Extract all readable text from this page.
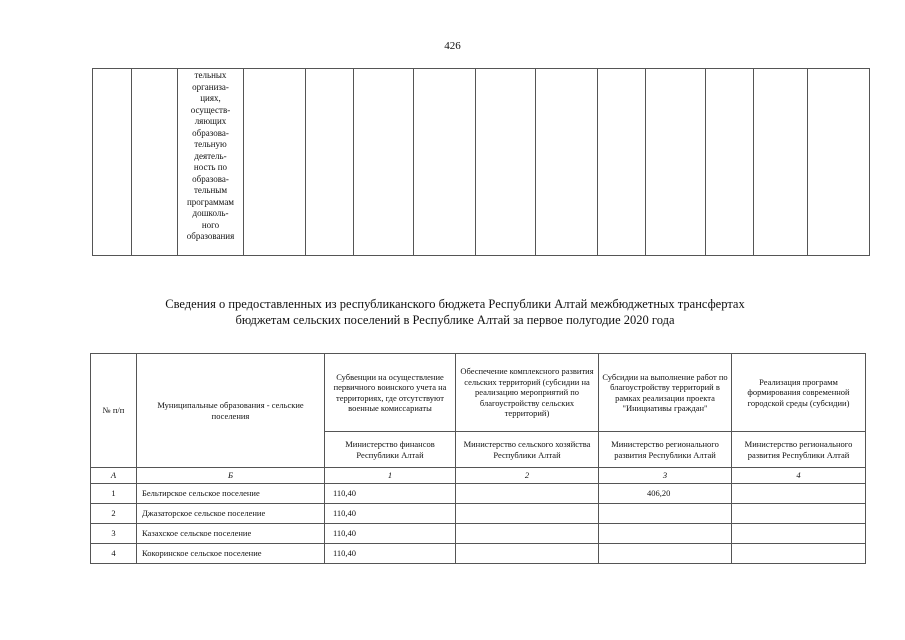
426

тельных
организа-
циях,
осуществ-
ляющих
образова-
тельную
деятель-
ность по
образова-
тельным
программам
дошколь-
ного
образования

Сведения о предоставленных из республиканского бюджета Республики Алтай межбюджетных трансфертах
бюджетам сельских поселений в Республике Алтай за первое полугодие 2020 года
№ п/п	Муниципальные образования - сельские поселения	Субвенции на осуществление первичного воинского учета на территориях, где отсутствуют военные комиссариаты	Обеспечение комплексного развития сельских территорий (субсидии на реализацию мероприятий по благоустройству сельских территорий)	Субсидии на выполнение работ по благоустройству территорий в рамках реализации проекта "Инициативы граждан"	Реализация программ формирования современной городской среды (субсидии)
		Министерство финансов Республики Алтай	Министерство сельского хозяйства Республики Алтай	Министерство регионального развития Республики Алтай	Министерство регионального развития Республики Алтай
А	Б	1	2	3	4
1	Бельтирское сельское поселение	110,40		406,20	
2	Джазаторское сельское поселение	110,40			
3	Казахское сельское поселение	110,40			
4	Кокоринское сельское поселение	110,40			
